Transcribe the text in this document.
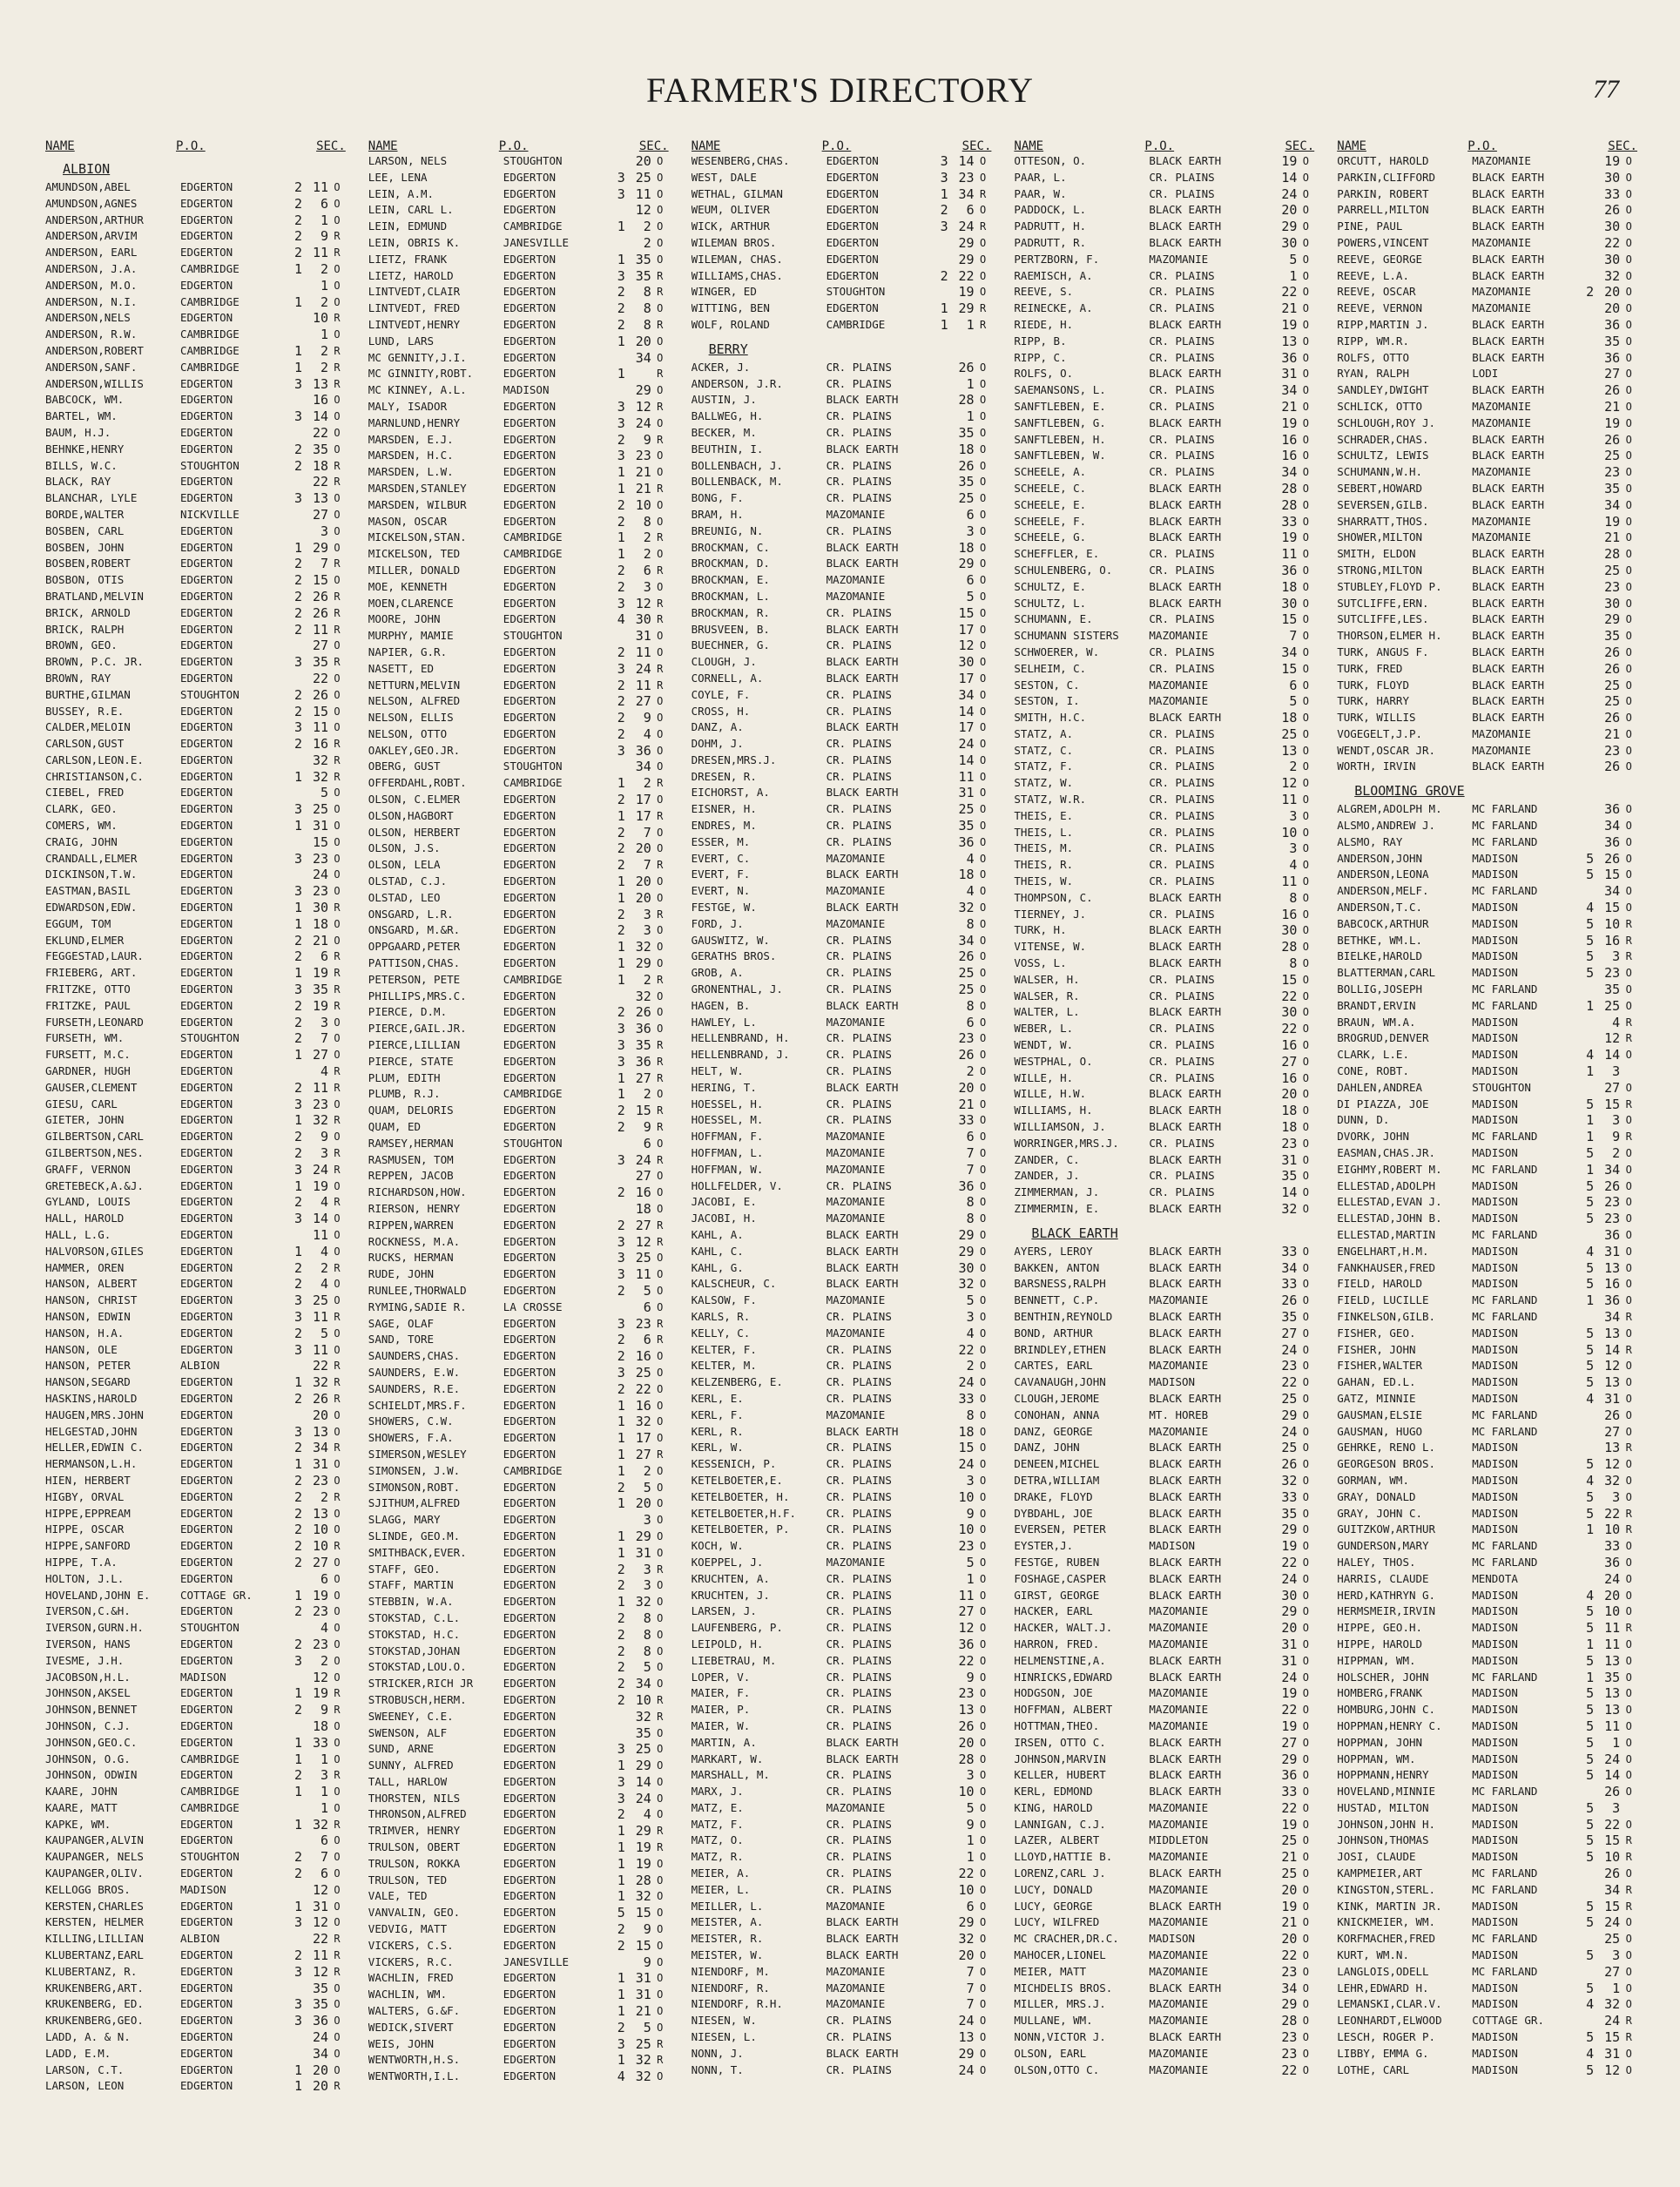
FARMER'S DIRECTORY	77
NAME	P.O.	SEC.
ALBION
AMUNDSON,ABEL	EDGERTON	2 11 O
AMUNDSON,AGNES	EDGERTON	2	6 O
ANDERSON,ARTHUR	EDGERTON	2	1 O
ANDERSON,ARVIM	EDGERTON	2	9 R
ANDERSON, EARL	EDGERTON	2 11 R
ANDERSON, J.A.	CAMBRIDGE	1	2 O
ANDERSON, M.O.	EDGERTON	1 O
ANDERSON, N.I.	CAMBRIDGE	1	2 O
ANDERSON,NELS	EDGERTON	10 R
ANDERSON, R.W.	CAMBRIDGE	1 O
ANDERSON,ROBERT	CAMBRIDGE	1	2 R
ANDERSON,SANF.	CAMBRIDGE	1	2 R
ANDERSON,WILLIS	EDGERTON	3 13 R
BABCOCK, WM.	EDGERTON	16 O
BARTEL, WM.	EDGERTON	3 14 O
BAUM, H.J.	EDGERTON	22 O
BEHNKE,HENRY	EDGERTON	2 35 O
BILLS, W.C.	STOUGHTON	2 18 R
BLACK, RAY	EDGERTON	22 R
BLANCHAR, LYLE	EDGERTON	3 13 O
BORDE,WALTER	NICKVILLE	27 O
BOSBEN, CARL	EDGERTON	3 O
BOSBEN, JOHN	EDGERTON	1 29 O
BOSBEN,ROBERT	EDGERTON	2	7 R
BOSBON, OTIS	EDGERTON	2 15 O
BRATLAND,MELVIN	EDGERTON	2 26 R
BRICK, ARNOLD	EDGERTON	2 26 R
BRICK, RALPH	EDGERTON	2 11 R
BROWN, GEO.	EDGERTON	27 O
BROWN, P.C. JR.	EDGERTON	3 35 R
BROWN, RAY	EDGERTON	22 O
BURTHE,GILMAN	STOUGHTON	2 26 O
BUSSEY, R.E.	EDGERTON	2 15 O
CALDER,MELOIN	EDGERTON	3 11 O
CARLSON,GUST	EDGERTON	2 16 R
CARLSON,LEON.E.	EDGERTON	32 R
CHRISTIANSON,C.	EDGERTON	1 32 R
CIEBEL, FRED	EDGERTON	5 O
CLARK, GEO.	EDGERTON	3 25 O
COMERS, WM.	EDGERTON	1 31 O
CRAIG, JOHN	EDGERTON	15 O
CRANDALL,ELMER	EDGERTON	3 23 O
DICKINSON,T.W.	EDGERTON	24 O
EASTMAN,BASIL	EDGERTON	3 23 O
EDWARDSON,EDW.	EDGERTON	1 30 R
EGGUM, TOM	EDGERTON	1 18 O
EKLUND,ELMER	EDGERTON	2 21 O
FEGGESTAD,LAUR.	EDGERTON	2	6 R
FRIEBERG, ART.	EDGERTON	1 19 R
FRITZKE, OTTO	EDGERTON	3 35 R
FRITZKE, PAUL	EDGERTON	2 19 R
FURSETH,LEONARD	EDGERTON	2	3 O
FURSETH, WM.	STOUGHTON	2	7 O
FURSETT, M.C.	EDGERTON	1 27 O
GARDNER, HUGH	EDGERTON	4 R
GAUSER,CLEMENT	EDGERTON	2 11 R
GIESU, CARL	EDGERTON	3 23 O
GIETER, JOHN	EDGERTON	1 32 R
GILBERTSON,CARL	EDGERTON	2	9 O
GILBERTSON,NES.	EDGERTON	2	3 R
GRAFF, VERNON	EDGERTON	3 24 R
GRETEBECK,A.&J.	EDGERTON	1 19 O
GYLAND, LOUIS	EDGERTON	2	4 R
HALL, HAROLD	EDGERTON	3 14 O
HALL, L.G.	EDGERTON	11 O
HALVORSON,GILES	EDGERTON	1	4 O
HAMMER, OREN	EDGERTON	2	2 R
HANSON, ALBERT	EDGERTON	2	4 O
HANSON, CHRIST	EDGERTON	3 25 O
HANSON, EDWIN	EDGERTON	3 11 R
HANSON, H.A.	EDGERTON	2	5 O
HANSON, OLE	EDGERTON	3 11 O
HANSON, PETER	ALBION	22 R
HANSON,SEGARD	EDGERTON	1 32 R
HASKINS,HAROLD	EDGERTON	2 26 R
HAUGEN,MRS.JOHN	EDGERTON	20 O
HELGESTAD,JOHN	EDGERTON	3 13 O
HELLER,EDWIN C.	EDGERTON	2 34 R
HERMANSON,L.H.	EDGERTON	1 31 O
HIEN, HERBERT	EDGERTON	2 23 O
HIGBY, ORVAL	EDGERTON	2	2 R
HIPPE,EPPREAM	EDGERTON	2 13 O
HIPPE, OSCAR	EDGERTON	2 10 O
HIPPE,SANFORD	EDGERTON	2 10 R
HIPPE, T.A.	EDGERTON	2 27 O
HOLTON, J.L.	EDGERTON	6 O
HOVELAND,JOHN E.	COTTAGE GR.	1 19 O
IVERSON,C.&H.	EDGERTON	2 23 O
IVERSON,GURN.H.	STOUGHTON	4 O
IVERSON, HANS	EDGERTON	2 23 O
IVESME, J.H.	EDGERTON	3	2 O
JACOBSON,H.L.	MADISON	12 O
JOHNSON,AKSEL	EDGERTON	1 19 R
JOHNSON,BENNET	EDGERTON	2	9 R
JOHNSON, C.J.	EDGERTON	18 O
JOHNSON,GEO.C.	EDGERTON	1 33 O
JOHNSON, O.G.	CAMBRIDGE	1	1 O
JOHNSON, ODWIN	EDGERTON	2	3 R
KAARE, JOHN	CAMBRIDGE	1	1 O
KAARE, MATT	CAMBRIDGE	1 O
KAPKE, WM.	EDGERTON	1 32 R
KAUPANGER,ALVIN	EDGERTON	6 O
KAUPANGER, NELS	STOUGHTON	2	7 O
KAUPANGER,OLIV.	EDGERTON	2	6 O
KELLOGG BROS.	MADISON	12 O
KERSTEN,CHARLES	EDGERTON	1 31 O
KERSTEN, HELMER	EDGERTON	3 12 O
KILLING,LILLIAN	ALBION	22 R
KLUBERTANZ,EARL	EDGERTON	2 11 R
KLUBERTANZ, R.	EDGERTON	3 12 R
KRUKENBERG,ART.	EDGERTON	35 O
KRUKENBERG, ED.	EDGERTON	3 35 O
KRUKENBERG,GEO.	EDGERTON	3 36 O
LADD, A. & N.	EDGERTON	24 O
LADD, E.M.	EDGERTON	34 O
LARSON, C.T.	EDGERTON	1 20 O
LARSON, LEON	EDGERTON	1 20 R
NAME	P.O.	SEC.
LARSON, NELS	STOUGHTON	20 O
LEE, LENA	EDGERTON	3 25 O
LEIN, A.M.	EDGERTON	3 11 O
LEIN, CARL L.	EDGERTON	12 O
LEIN, EDMUND	CAMBRIDGE	1	2 O
LEIN, OBRIS K.	JANESVILLE	2 O
LIETZ, FRANK	EDGERTON	1 35 O
LIETZ, HAROLD	EDGERTON	3 35 R
LINTVEDT,CLAIR	EDGERTON	2	8 R
LINTVEDT, FRED	EDGERTON	2	8 O
LINTVEDT,HENRY	EDGERTON	2	8 R
LUND, LARS	EDGERTON	1 20 O
MC GENNITY,J.I.	EDGERTON	34 O
MC GINNITY,ROBT.	EDGERTON	1	R
MC KINNEY, A.L.	MADISON	29 O
MALY, ISADOR	EDGERTON	3 12 R
MARNLUND,HENRY	EDGERTON	3 24 O
MARSDEN, E.J.	EDGERTON	2	9 R
MARSDEN, H.C.	EDGERTON	3 23 O
MARSDEN, L.W.	EDGERTON	1 21 O
MARSDEN,STANLEY	EDGERTON	1 21 R
MARSDEN, WILBUR	EDGERTON	2 10 O
MASON, OSCAR	EDGERTON	2	8 O
MICKELSON,STAN.	CAMBRIDGE	1	2 R
MICKELSON, TED	CAMBRIDGE	1	2 O
MILLER, DONALD	EDGERTON	2	6 R
MOE, KENNETH	EDGERTON	2	3 O
MOEN,CLARENCE	EDGERTON	3 12 R
MOORE, JOHN	EDGERTON	4 30 R
MURPHY, MAMIE	STOUGHTON	31 O
NAPIER, G.R.	EDGERTON	2 11 O
NASETT, ED	EDGERTON	3 24 R
NETTURN,MELVIN	EDGERTON	2 11 R
NELSON, ALFRED	EDGERTON	2 27 O
NELSON, ELLIS	EDGERTON	2	9 O
NELSON, OTTO	EDGERTON	2	4 O
OAKLEY,GEO.JR.	EDGERTON	3 36 O
OBERG, GUST	STOUGHTON	34 O
OFFERDAHL,ROBT.	CAMBRIDGE	1	2 R
OLSON, C.ELMER	EDGERTON	2 17 O
OLSON,HAGBORT	EDGERTON	1 17 R
OLSON, HERBERT	EDGERTON	2	7 O
OLSON, J.S.	EDGERTON	2 20 O
OLSON, LELA	EDGERTON	2	7 R
OLSTAD, C.J.	EDGERTON	1 20 O
OLSTAD, LEO	EDGERTON	1 20 O
ONSGARD, L.R.	EDGERTON	2	3 R
ONSGARD, M.&R.	EDGERTON	2	3 O
OPPGAARD,PETER	EDGERTON	1 32 O
PATTISON,CHAS.	EDGERTON	1 29 O
PETERSON, PETE	CAMBRIDGE	1	2 R
PHILLIPS,MRS.C.	EDGERTON	32 O
PIERCE, D.M.	EDGERTON	2 26 O
PIERCE,GAIL.JR.	EDGERTON	3 36 O
PIERCE,LILLIAN	EDGERTON	3 35 R
PIERCE, STATE	EDGERTON	3 36 R
PLUM, EDITH	EDGERTON	1 27 R
PLUMB, R.J.	CAMBRIDGE	1	2 O
QUAM, DELORIS	EDGERTON	2 15 R
QUAM, ED	EDGERTON	2	9 R
RAMSEY,HERMAN	STOUGHTON	6 O
RASMUSEN, TOM	EDGERTON	3 24 R
REPPEN, JACOB	EDGERTON	27 O
RICHARDSON,HOW.	EDGERTON	2 16 O
RIERSON, HENRY	EDGERTON	18 O
RIPPEN,WARREN	EDGERTON	2 27 R
ROCKNESS, M.A.	EDGERTON	3 12 R
RUCKS, HERMAN	EDGERTON	3 25 O
RUDE, JOHN	EDGERTON	3 11 O
RUNLEE,THORWALD	EDGERTON	2	5 O
RYMING,SADIE R.	LA CROSSE	6 O
SAGE, OLAF	EDGERTON	3 23 R
SAND, TORE	EDGERTON	2	6 R
SAUNDERS,CHAS.	EDGERTON	2 16 O
SAUNDERS, E.W.	EDGERTON	3 25 O
SAUNDERS, R.E.	EDGERTON	2 22 O
SCHIELDT,MRS.F.	EDGERTON	1 16 O
SHOWERS, C.W.	EDGERTON	1 32 O
SHOWERS, F.A.	EDGERTON	1 17 O
SIMERSON,WESLEY	EDGERTON	1 27 R
SIMONSEN, J.W.	CAMBRIDGE	1	2 O
SIMONSON,ROBT.	EDGERTON	2	5 O
SJITHUM,ALFRED	EDGERTON	1 20 O
SLAGG, MARY	EDGERTON	3 O
SLINDE, GEO.M.	EDGERTON	1 29 O
SMITHBACK,EVER.	EDGERTON	1 31 O
STAFF, GEO.	EDGERTON	2	3 R
STAFF, MARTIN	EDGERTON	2	3 O
STEBBIN, W.A.	EDGERTON	1 32 O
STOKSTAD, C.L.	EDGERTON	2	8 O
STOKSTAD, H.C.	EDGERTON	2	8 O
STOKSTAD,JOHAN	EDGERTON	2	8 O
STOKSTAD,LOU.O.	EDGERTON	2	5 O
STRICKER,RICH JR	EDGERTON	2 34 O
STROBUSCH,HERM.	EDGERTON	2 10 R
SWEENEY, C.E.	EDGERTON	32 R
SWENSON, ALF	EDGERTON	35 O
SUND, ARNE	EDGERTON	3 25 O
SUNNY, ALFRED	EDGERTON	1 29 O
TALL, HARLOW	EDGERTON	3 14 O
THORSTEN, NILS	EDGERTON	3 24 O
THRONSON,ALFRED	EDGERTON	2	4 O
TRIMVER, HENRY	EDGERTON	1 29 R
TRULSON, OBERT	EDGERTON	1 19 R
TRULSON, ROKKA	EDGERTON	1 19 O
TRULSON, TED	EDGERTON	1 28 O
VALE, TED	EDGERTON	1 32 O
VANVALIN, GEO.	EDGERTON	5 15 O
VEDVIG, MATT	EDGERTON	2	9 O
VICKERS, C.S.	EDGERTON	2 15 O
VICKERS, R.C.	JANESVILLE	9 O
WACHLIN, FRED	EDGERTON	1 31 O
WACHLIN, WM.	EDGERTON	1 31 O
WALTERS, G.&F.	EDGERTON	1 21 O
WEDICK,SIVERT	EDGERTON	2	5 O
WEIS, JOHN	EDGERTON	3 25 R
WENTWORTH,H.S.	EDGERTON	1 32 R
WENTWORTH,I.L.	EDGERTON	4 32 O
NAME	P.O.	SEC.
WESENBERG,CHAS.	EDGERTON	3 14 O
WEST, DALE	EDGERTON	3 23 O
WETHAL, GILMAN	EDGERTON	1 34 R
WEUM, OLIVER	EDGERTON	2	6 O
WICK, ARTHUR	EDGERTON	3 24 R
WILEMAN BROS.	EDGERTON	29 O
WILEMAN, CHAS.	EDGERTON	29 O
WILLIAMS,CHAS.	EDGERTON	2 22 O
WINGER, ED	STOUGHTON	19 O
WITTING, BEN	EDGERTON	1 29 R
WOLF, ROLAND	CAMBRIDGE	1	1 R
BERRY
ACKER, J.	CR. PLAINS	26 O
ANDERSON, J.R.	CR. PLAINS	1 O
AUSTIN, J.	BLACK EARTH	28 O
BALLWEG, H.	CR. PLAINS	1 O
BECKER, M.	CR. PLAINS	35 O
BEUTHIN, I.	BLACK EARTH	18 O
BOLLENBACH, J.	CR. PLAINS	26 O
BOLLENBACK, M.	CR. PLAINS	35 O
BONG, F.	CR. PLAINS	25 O
BRAM, H.	MAZOMANIE	6 O
BREUNIG, N.	CR. PLAINS	3 O
BROCKMAN, C.	BLACK EARTH	18 O
BROCKMAN, D.	BLACK EARTH	29 O
BROCKMAN, E.	MAZOMANIE	6 O
BROCKMAN, L.	MAZOMANIE	5 O
BROCKMAN, R.	CR. PLAINS	15 O
BRUSVEEN, B.	BLACK EARTH	17 O
BUECHNER, G.	CR. PLAINS	12 O
CLOUGH, J.	BLACK EARTH	30 O
CORNELL, A.	BLACK EARTH	17 O
COYLE, F.	CR. PLAINS	34 O
CROSS, H.	CR. PLAINS	14 O
DANZ, A.	BLACK EARTH	17 O
DOHM, J.	CR. PLAINS	24 O
DRESEN,MRS.J.	CR. PLAINS	14 O
DRESEN, R.	CR. PLAINS	11 O
EICHORST, A.	BLACK EARTH	31 O
EISNER, H.	CR. PLAINS	25 O
ENDRES, M.	CR. PLAINS	35 O
ESSER, M.	CR. PLAINS	36 O
EVERT, C.	MAZOMANIE	4 O
EVERT, F.	BLACK EARTH	18 O
EVERT, N.	MAZOMANIE	4 O
FESTGE, W.	BLACK EARTH	32 O
FORD, J.	MAZOMANIE	8 O
GAUSWITZ, W.	CR. PLAINS	34 O
GERATHS BROS.	CR. PLAINS	26 O
GROB, A.	CR. PLAINS	25 O
GRONENTHAL, J.	CR. PLAINS	25 O
HAGEN, B.	BLACK EARTH	8 O
HAWLEY, L.	MAZOMANIE	6 O
HELLENBRAND, H.	CR. PLAINS	23 O
HELLENBRAND, J.	CR. PLAINS	26 O
HELT, W.	CR. PLAINS	2 O
HERING, T.	BLACK EARTH	20 O
HOESSEL, H.	CR. PLAINS	21 O
HOESSEL, M.	CR. PLAINS	33 O
HOFFMAN, F.	MAZOMANIE	6 O
HOFFMAN, L.	MAZOMANIE	7 O
HOFFMAN, W.	MAZOMANIE	7 O
HOLLFELDER, V.	CR. PLAINS	36 O
JACOBI, E.	MAZOMANIE	8 O
JACOBI, H.	MAZOMANIE	8 O
KAHL, A.	BLACK EARTH	29 O
KAHL, C.	BLACK EARTH	29 O
KAHL, G.	BLACK EARTH	30 O
KALSCHEUR, C.	BLACK EARTH	32 O
KALSOW, F.	MAZOMANIE	5 O
KARLS, R.	CR. PLAINS	3 O
KELLY, C.	MAZOMANIE	4 O
KELTER, F.	CR. PLAINS	22 O
KELTER, M.	CR. PLAINS	2 O
KELZENBERG, E.	CR. PLAINS	24 O
KERL, E.	CR. PLAINS	33 O
KERL, F.	MAZOMANIE	8 O
KERL, R.	BLACK EARTH	18 O
KERL, W.	CR. PLAINS	15 O
KESSENICH, P.	CR. PLAINS	24 O
KETELBOETER,E.	CR. PLAINS	3 O
KETELBOETER, H.	CR. PLAINS	10 O
KETELBOETER,H.F.	CR. PLAINS	9 O
KETELBOETER, P.	CR. PLAINS	10 O
KOCH, W.	CR. PLAINS	23 O
KOEPPEL, J.	MAZOMANIE	5 O
KRUCHTEN, A.	CR. PLAINS	1 O
KRUCHTEN, J.	CR. PLAINS	11 O
LARSEN, J.	CR. PLAINS	27 O
LAUFENBERG, P.	CR. PLAINS	12 O
LEIPOLD, H.	CR. PLAINS	36 O
LIEBETRAU, M.	CR. PLAINS	22 O
LOPER, V.	CR. PLAINS	9 O
MAIER, F.	CR. PLAINS	23 O
MAIER, P.	CR. PLAINS	13 O
MAIER, W.	CR. PLAINS	26 O
MARTIN, A.	BLACK EARTH	20 O
MARKART, W.	BLACK EARTH	28 O
MARSHALL, M.	CR. PLAINS	3 O
MARX, J.	CR. PLAINS	10 O
MATZ, E.	MAZOMANIE	5 O
MATZ, F.	CR. PLAINS	9 O
MATZ, O.	CR. PLAINS	1 O
MATZ, R.	CR. PLAINS	1 O
MEIER, A.	CR. PLAINS	22 O
MEIER, L.	CR. PLAINS	10 O
MEILLER, L.	MAZOMANIE	6 O
MEISTER, A.	BLACK EARTH	29 O
MEISTER, R.	BLACK EARTH	32 O
MEISTER, W.	BLACK EARTH	20 O
NIENDORF, M.	MAZOMANIE	7 O
NIENDORF, R.	MAZOMANIE	7 O
NIENDORF, R.H.	MAZOMANIE	7 O
NIESEN, W.	CR. PLAINS	24 O
NIESEN, L.	CR. PLAINS	13 O
NONN, J.	BLACK EARTH	29 O
NONN, T.	CR. PLAINS	24 O
NAME	P.O.	SEC.
OTTESON, O.	BLACK EARTH	19 O
PAAR, L.	CR. PLAINS	14 O
PAAR, W.	CR. PLAINS	24 O
PADDOCK, L.	BLACK EARTH	20 O
PADRUTT, H.	BLACK EARTH	29 O
PADRUTT, R.	BLACK EARTH	30 O
PERTZBORN, F.	MAZOMANIE	5 O
RAEMISCH, A.	CR. PLAINS	1 O
REEVE, S.	CR. PLAINS	22 O
REINECKE, A.	CR. PLAINS	21 O
RIEDE, H.	BLACK EARTH	19 O
RIPP, B.	CR. PLAINS	13 O
RIPP, C.	CR. PLAINS	36 O
ROLFS, O.	BLACK EARTH	31 O
SAEMANSONS, L.	CR. PLAINS	34 O
SANFTLEBEN, E.	CR. PLAINS	21 O
SANFTLEBEN, G.	BLACK EARTH	19 O
SANFTLEBEN, H.	CR. PLAINS	16 O
SANFTLEBEN, W.	CR. PLAINS	16 O
SCHEELE, A.	CR. PLAINS	34 O
SCHEELE, C.	BLACK EARTH	28 O
SCHEELE, E.	BLACK EARTH	28 O
SCHEELE, F.	BLACK EARTH	33 O
SCHEELE, G.	BLACK EARTH	19 O
SCHEFFLER, E.	CR. PLAINS	11 O
SCHULENBERG, O.	CR. PLAINS	36 O
SCHULTZ, E.	BLACK EARTH	18 O
SCHULTZ, L.	BLACK EARTH	30 O
SCHUMANN, E.	CR. PLAINS	15 O
SCHUMANN SISTERS	MAZOMANIE	7 O
SCHWOERER, W.	CR. PLAINS	34 O
SELHEIM, C.	CR. PLAINS	15 O
SESTON, C.	MAZOMANIE	6 O
SESTON, I.	MAZOMANIE	5 O
SMITH, H.C.	BLACK EARTH	18 O
STATZ, A.	CR. PLAINS	25 O
STATZ, C.	CR. PLAINS	13 O
STATZ, F.	CR. PLAINS	2 O
STATZ, W.	CR. PLAINS	12 O
STATZ, W.R.	CR. PLAINS	11 O
THEIS, E.	CR. PLAINS	3 O
THEIS, L.	CR. PLAINS	10 O
THEIS, M.	CR. PLAINS	3 O
THEIS, R.	CR. PLAINS	4 O
THEIS, W.	CR. PLAINS	11 O
THOMPSON, C.	BLACK EARTH	8 O
TIERNEY, J.	CR. PLAINS	16 O
TURK, H.	BLACK EARTH	30 O
VITENSE, W.	BLACK EARTH	28 O
VOSS, L.	BLACK EARTH	8 O
WALSER, H.	CR. PLAINS	15 O
WALSER, R.	CR. PLAINS	22 O
WALTER, L.	BLACK EARTH	30 O
WEBER, L.	CR. PLAINS	22 O
WENDT, W.	CR. PLAINS	16 O
WESTPHAL, O.	CR. PLAINS	27 O
WILLE, H.	CR. PLAINS	16 O
WILLE, H.W.	BLACK EARTH	20 O
WILLIAMS, H.	BLACK EARTH	18 O
WILLIAMSON, J.	BLACK EARTH	18 O
WORRINGER,MRS.J.	CR. PLAINS	23 O
ZANDER, C.	BLACK EARTH	31 O
ZANDER, J.	CR. PLAINS	35 O
ZIMMERMAN, J.	CR. PLAINS	14 O
ZIMMERMIN, E.	BLACK EARTH	32 O
BLACK EARTH
AYERS, LEROY	BLACK EARTH	33 O
BAKKEN, ANTON	BLACK EARTH	34 O
BARSNESS,RALPH	BLACK EARTH	33 O
BENNETT, C.P.	MAZOMANIE	26 O
BENTHIN,REYNOLD	BLACK EARTH	35 O
BOND, ARTHUR	BLACK EARTH	27 O
BRINDLEY,ETHEN	BLACK EARTH	24 O
CARTES, EARL	MAZOMANIE	23 O
CAVANAUGH,JOHN	MADISON	22 O
CLOUGH,JEROME	BLACK EARTH	25 O
CONOHAN, ANNA	MT. HOREB	29 O
DANZ, GEORGE	MAZOMANIE	24 O
DANZ, JOHN	BLACK EARTH	25 O
DENEEN,MICHEL	BLACK EARTH	26 O
DETRA,WILLIAM	BLACK EARTH	32 O
DRAKE, FLOYD	BLACK EARTH	33 O
DYBDAHL, JOE	BLACK EARTH	35 O
EVERSEN, PETER	BLACK EARTH	29 O
EYSTER,J.	MADISON	19 O
FESTGE, RUBEN	BLACK EARTH	22 O
FOSHAGE,CASPER	BLACK EARTH	24 O
GIRST, GEORGE	BLACK EARTH	30 O
HACKER, EARL	MAZOMANIE	29 O
HACKER, WALT.J.	MAZOMANIE	20 O
HARRON, FRED.	MAZOMANIE	31 O
HELMENSTINE,A.	BLACK EARTH	31 O
HINRICKS,EDWARD	BLACK EARTH	24 O
HODGSON, JOE	MAZOMANIE	19 O
HOFFMAN, ALBERT	MAZOMANIE	22 O
HOTTMAN,THEO.	MAZOMANIE	19 O
IRSEN, OTTO C.	BLACK EARTH	27 O
JOHNSON,MARVIN	BLACK EARTH	29 O
KELLER, HUBERT	BLACK EARTH	36 O
KERL, EDMOND	BLACK EARTH	33 O
KING, HAROLD	MAZOMANIE	22 O
LANNIGAN, C.J.	MAZOMANIE	19 O
LAZER, ALBERT	MIDDLETON	25 O
LLOYD,HATTIE B.	MAZOMANIE	21 O
LORENZ,CARL J.	BLACK EARTH	25 O
LUCY, DONALD	MAZOMANIE	20 O
LUCY, GEORGE	BLACK EARTH	19 O
LUCY, WILFRED	MAZOMANIE	21 O
MC CRACHER,DR.C.	MADISON	20 O
MAHOCER,LIONEL	MAZOMANIE	22 O
MEIER, MATT	MAZOMANIE	23 O
MICHDELIS BROS.	BLACK EARTH	34 O
MILLER, MRS.J.	MAZOMANIE	29 O
MULLANE, WM.	MAZOMANIE	28 O
NONN,VICTOR J.	BLACK EARTH	23 O
OLSON, EARL	MAZOMANIE	23 O
OLSON,OTTO C.	MAZOMANIE	22 O
NAME	P.O.	SEC.
ORCUTT, HAROLD	MAZOMANIE	19 O
PARKIN,CLIFFORD	BLACK EARTH	30 O
PARKIN, ROBERT	BLACK EARTH	33 O
PARRELL,MILTON	BLACK EARTH	26 O
PINE, PAUL	BLACK EARTH	30 O
POWERS,VINCENT	MAZOMANIE	22 O
REEVE, GEORGE	BLACK EARTH	30 O
REEVE, L.A.	BLACK EARTH	32 O
REEVE, OSCAR	MAZOMANIE	2 20 O
REEVE, VERNON	MAZOMANIE	20 O
RIPP,MARTIN J.	BLACK EARTH	36 O
RIPP, WM.R.	BLACK EARTH	35 O
ROLFS, OTTO	BLACK EARTH	36 O
RYAN, RALPH	LODI	27 O
SANDLEY,DWIGHT	BLACK EARTH	26 O
SCHLICK, OTTO	MAZOMANIE	21 O
SCHLOUGH,ROY J.	MAZOMANIE	19 O
SCHRADER,CHAS.	BLACK EARTH	26 O
SCHULTZ, LEWIS	BLACK EARTH	25 O
SCHUMANN,W.H.	MAZOMANIE	23 O
SEBERT,HOWARD	BLACK EARTH	35 O
SEVERSEN,GILB.	BLACK EARTH	34 O
SHARRATT,THOS.	MAZOMANIE	19 O
SHOWER,MILTON	MAZOMANIE	21 O
SMITH, ELDON	BLACK EARTH	28 O
STRONG,MILTON	BLACK EARTH	25 O
STUBLEY,FLOYD P.	BLACK EARTH	23 O
SUTCLIFFE,ERN.	BLACK EARTH	30 O
SUTCLIFFE,LES.	BLACK EARTH	29 O
THORSON,ELMER H.	BLACK EARTH	35 O
TURK, ANGUS F.	BLACK EARTH	26 O
TURK, FRED	BLACK EARTH	26 O
TURK, FLOYD	BLACK EARTH	25 O
TURK, HARRY	BLACK EARTH	25 O
TURK, WILLIS	BLACK EARTH	26 O
VOGEGELT,J.P.	MAZOMANIE	21 O
WENDT,OSCAR JR.	MAZOMANIE	23 O
WORTH, IRVIN	BLACK EARTH	26 O
BLOOMING GROVE
ALGREM,ADOLPH M.	MC FARLAND	36 O
ALSMO,ANDREW J.	MC FARLAND	34 O
ALSMO, RAY	MC FARLAND	36 O
ANDERSON,JOHN	MADISON	5 26 O
ANDERSON,LEONA	MADISON	5 15 O
ANDERSON,MELF.	MC FARLAND	34 O
ANDERSON,T.C.	MADISON	4 15 O
BABCOCK,ARTHUR	MADISON	5 10 R
BETHKE, WM.L.	MADISON	5 16 R
BIELKE,HAROLD	MADISON	5	3 R
BLATTERMAN,CARL	MADISON	5 23 O
BOLLIG,JOSEPH	MC FARLAND	35 O
BRANDT,ERVIN	MC FARLAND	1 25 O
BRAUN, WM.A.	MADISON	4 R
BROGRUD,DENVER	MADISON	12 R
CLARK, L.E.	MADISON	4 14 O
CONE, ROBT.	MADISON	1	3
DAHLEN,ANDREA	STOUGHTON	27 O
DI PIAZZA, JOE	MADISON	5 15 R
DUNN, D.	MADISON	1	3 O
DVORK, JOHN	MC FARLAND	1	9 R
EASMAN,CHAS.JR.	MADISON	5	2 O
EIGHMY,ROBERT M.	MC FARLAND	1 34 O
ELLESTAD,ADOLPH	MADISON	5 26 O
ELLESTAD,EVAN J.	MADISON	5 23 O
ELLESTAD,JOHN B.	MADISON	5 23 O
ELLESTAD,MARTIN	MC FARLAND	36 O
ENGELHART,H.M.	MADISON	4 31 O
FANKHAUSER,FRED	MADISON	5 13 O
FIELD, HAROLD	MADISON	5 16 O
FIELD, LUCILLE	MC FARLAND	1 36 O
FINKELSON,GILB.	MC FARLAND	34 R
FISHER, GEO.	MADISON	5 13 O
FISHER, JOHN	MADISON	5 14 R
FISHER,WALTER	MADISON	5 12 O
GAHAN, ED.L.	MADISON	5 13 O
GATZ, MINNIE	MADISON	4 31 O
GAUSMAN,ELSIE	MC FARLAND	26 O
GAUSMAN, HUGO	MC FARLAND	27 O
GEHRKE, RENO L.	MADISON	13 R
GEORGESON BROS.	MADISON	5 12 O
GORMAN, WM.	MADISON	4 32 O
GRAY, DONALD	MADISON	5	3 O
GRAY, JOHN C.	MADISON	5 22 R
GUITZKOW,ARTHUR	MADISON	1 10 R
GUNDERSON,MARY	MC FARLAND	33 O
HALEY, THOS.	MC FARLAND	36 O
HARRIS, CLAUDE	MENDOTA	24 O
HERD,KATHRYN G.	MADISON	4 20 O
HERMSMEIR,IRVIN	MADISON	5 10 O
HIPPE, GEO.H.	MADISON	5 11 R
HIPPE, HAROLD	MADISON	1 11 O
HIPPMAN, WM.	MADISON	5 13 O
HOLSCHER, JOHN	MC FARLAND	1 35 O
HOMBERG,FRANK	MADISON	5 13 O
HOMBURG,JOHN C.	MADISON	5 13 O
HOPPMAN,HENRY C.	MADISON	5 11 O
HOPPMAN, JOHN	MADISON	5	1 O
HOPPMAN, WM.	MADISON	5 24 O
HOPPMANN,HENRY	MADISON	5 14 O
HOVELAND,MINNIE	MC FARLAND	26 O
HUSTAD, MILTON	MADISON	5	3
JOHNSON,JOHN H.	MADISON	5 22 O
JOHNSON,THOMAS	MADISON	5 15 R
JOSI, CLAUDE	MADISON	5 10 R
KAMPMEIER,ART	MC FARLAND	26 O
KINGSTON,STERL.	MC FARLAND	34 R
KINK, MARTIN JR.	MADISON	5 15 R
KNICKMEIER, WM.	MADISON	5 24 O
KORFMACHER,FRED	MC FARLAND	25 O
KURT, WM.N.	MADISON	5	3 O
LANGLOIS,ODELL	MC FARLAND	27 O
LEHR,EDWARD H.	MADISON	5	1 O
LEMANSKI,CLAR.V.	MADISON	4 32 O
LEONHARDT,ELWOOD	COTTAGE GR.	24 R
LESCH, ROGER P.	MADISON	5 15 R
LIBBY, EMMA G.	MADISON	4 31 O
LOTHE, CARL	MADISON	5 12 O
